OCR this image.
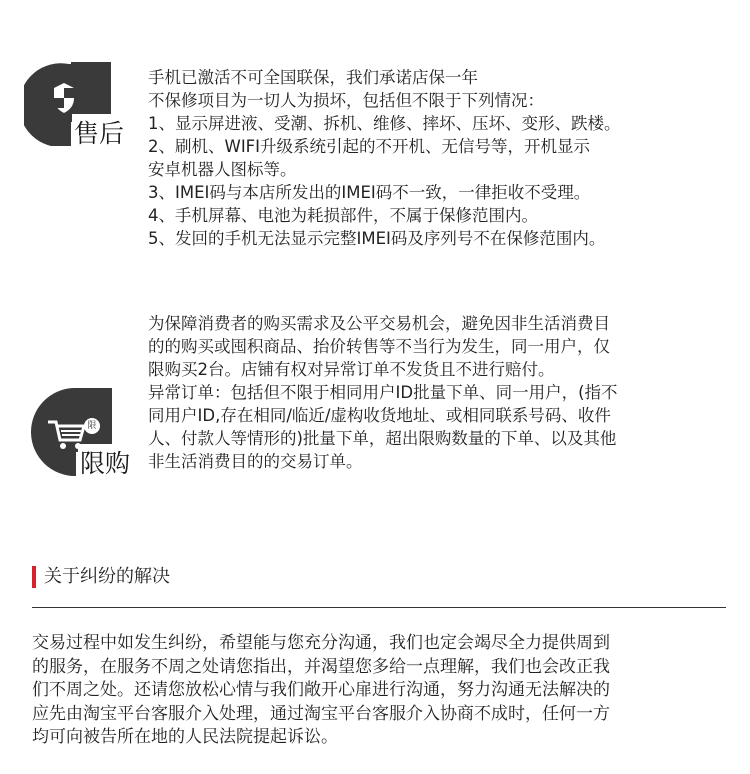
售后
手机已激活不可全国联保，我们承诺店保一年
不保修项目为一切人为损坏，包括但不限于下列情况：
1、显示屏进液、受潮、拆机、维修、摔坏、压坏、变形、跌楼。
2、刷机、WIFI升级系统引起的不开机、无信号等，开机显示
安卓机器人图标等。
3、IMEI码与本店所发出的IMEI码不一致，一律拒收不受理。
4、手机屏幕、电池为耗损部件，不属于保修范围内。
5、发回的手机无法显示完整IMEI码及序列号不在保修范围内。
限
限购
为保障消费者的购买需求及公平交易机会，避免因非生活消费目
的的购买或囤积商品、抬价转售等不当行为发生，同一用户，仅
限购买2台。店铺有权对异常订单不发货且不进行赔付。
异常订单：包括但不限于相同用户ID批量下单、同一用户，(指不
同用户ID,存在相同/临近/虚构收货地址、或相同联系号码、收件
人、付款人等情形的)批量下单，超出限购数量的下单、以及其他
非生活消费目的的交易订单。
关于纠纷的解决
交易过程中如发生纠纷，希望能与您充分沟通，我们也定会竭尽全力提供周到
的服务，在服务不周之处请您指出，并渴望您多给一点理解，我们也会改正我
们不周之处。还请您放松心情与我们敞开心扉进行沟通，努力沟通无法解决的
应先由淘宝平台客服介入处理，通过淘宝平台客服介入协商不成时，任何一方
均可向被告所在地的人民法院提起诉讼。
